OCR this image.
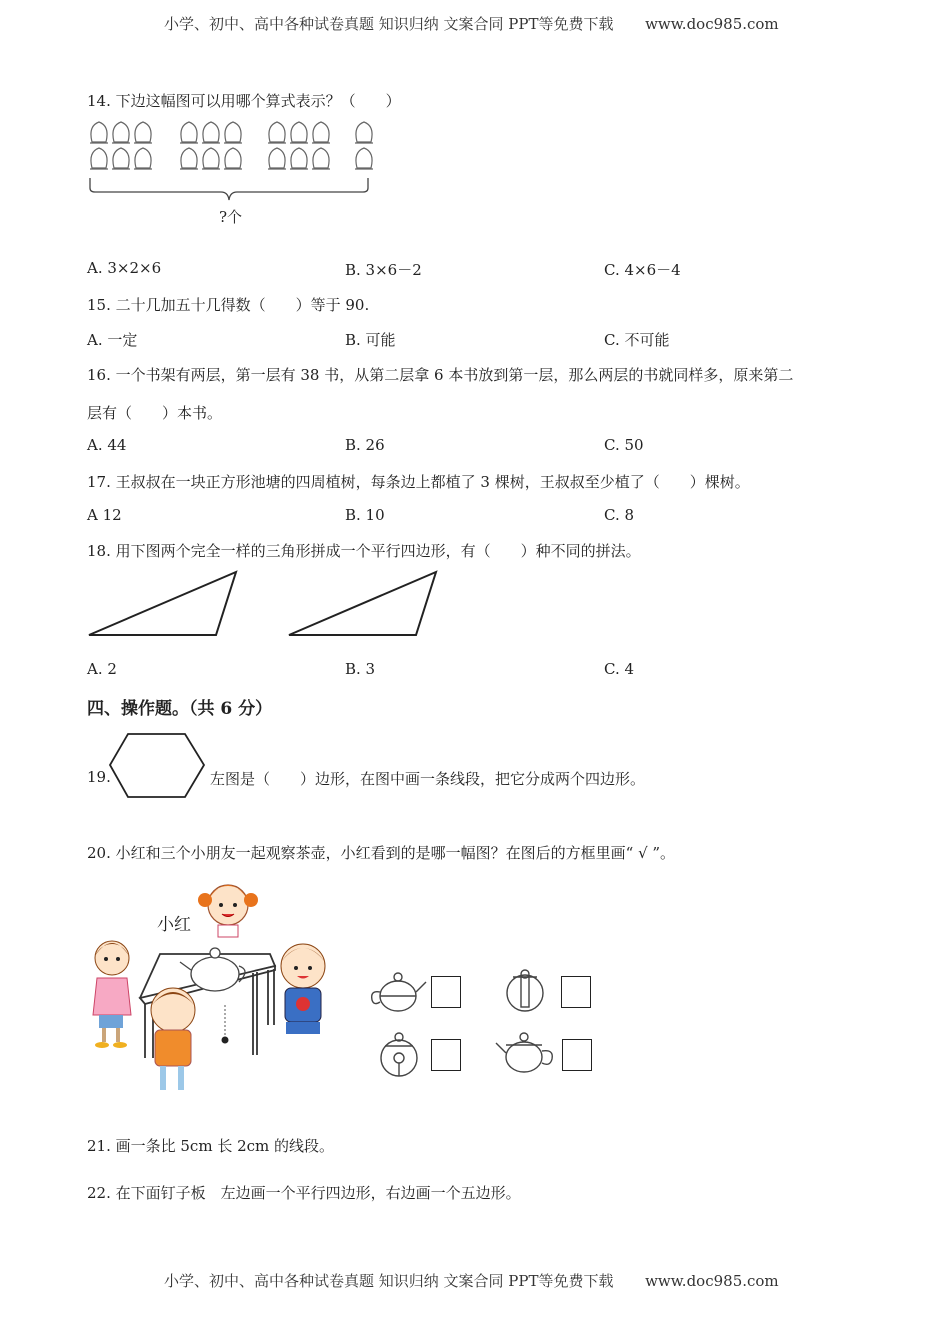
小学、初中、高中各种试卷真题 知识归纳 文案合同 PPT等免费下载 www.doc985.com
14. 下边这幅图可以用哪个算式表示？（　　）
?个
A. 3×2×6	B. 3×6－2	C. 4×6－4
15. 二十几加五十几得数（　　）等于 90.
A. 一定	B. 可能	C. 不可能
16. 一个书架有两层，第一层有 38 书，从第二层拿 6 本书放到第一层，那么两层的书就同样多，原来第二
层有（　　）本书。
A. 44	B. 26	C. 50
17. 王叔叔在一块正方形池塘的四周植树，每条边上都植了 3 棵树，王叔叔至少植了（　　）棵树。
A 12	B. 10	C. 8
18. 用下图两个完全一样的三角形拼成一个平行四边形，有（　　）种不同的拼法。
A. 2	B. 3	C. 4
四、操作题。（共 6 分）
19.	左图是（　　）边形，在图中画一条线段，把它分成两个四边形。
20. 小红和三个小朋友一起观察茶壶，小红看到的是哪一幅图？在图后的方框里画“ √ ”。
小红
21. 画一条比 5cm 长 2cm 的线段。
22. 在下面钉子板　左边画一个平行四边形，右边画一个五边形。
小学、初中、高中各种试卷真题 知识归纳 文案合同 PPT等免费下载 www.doc985.com
